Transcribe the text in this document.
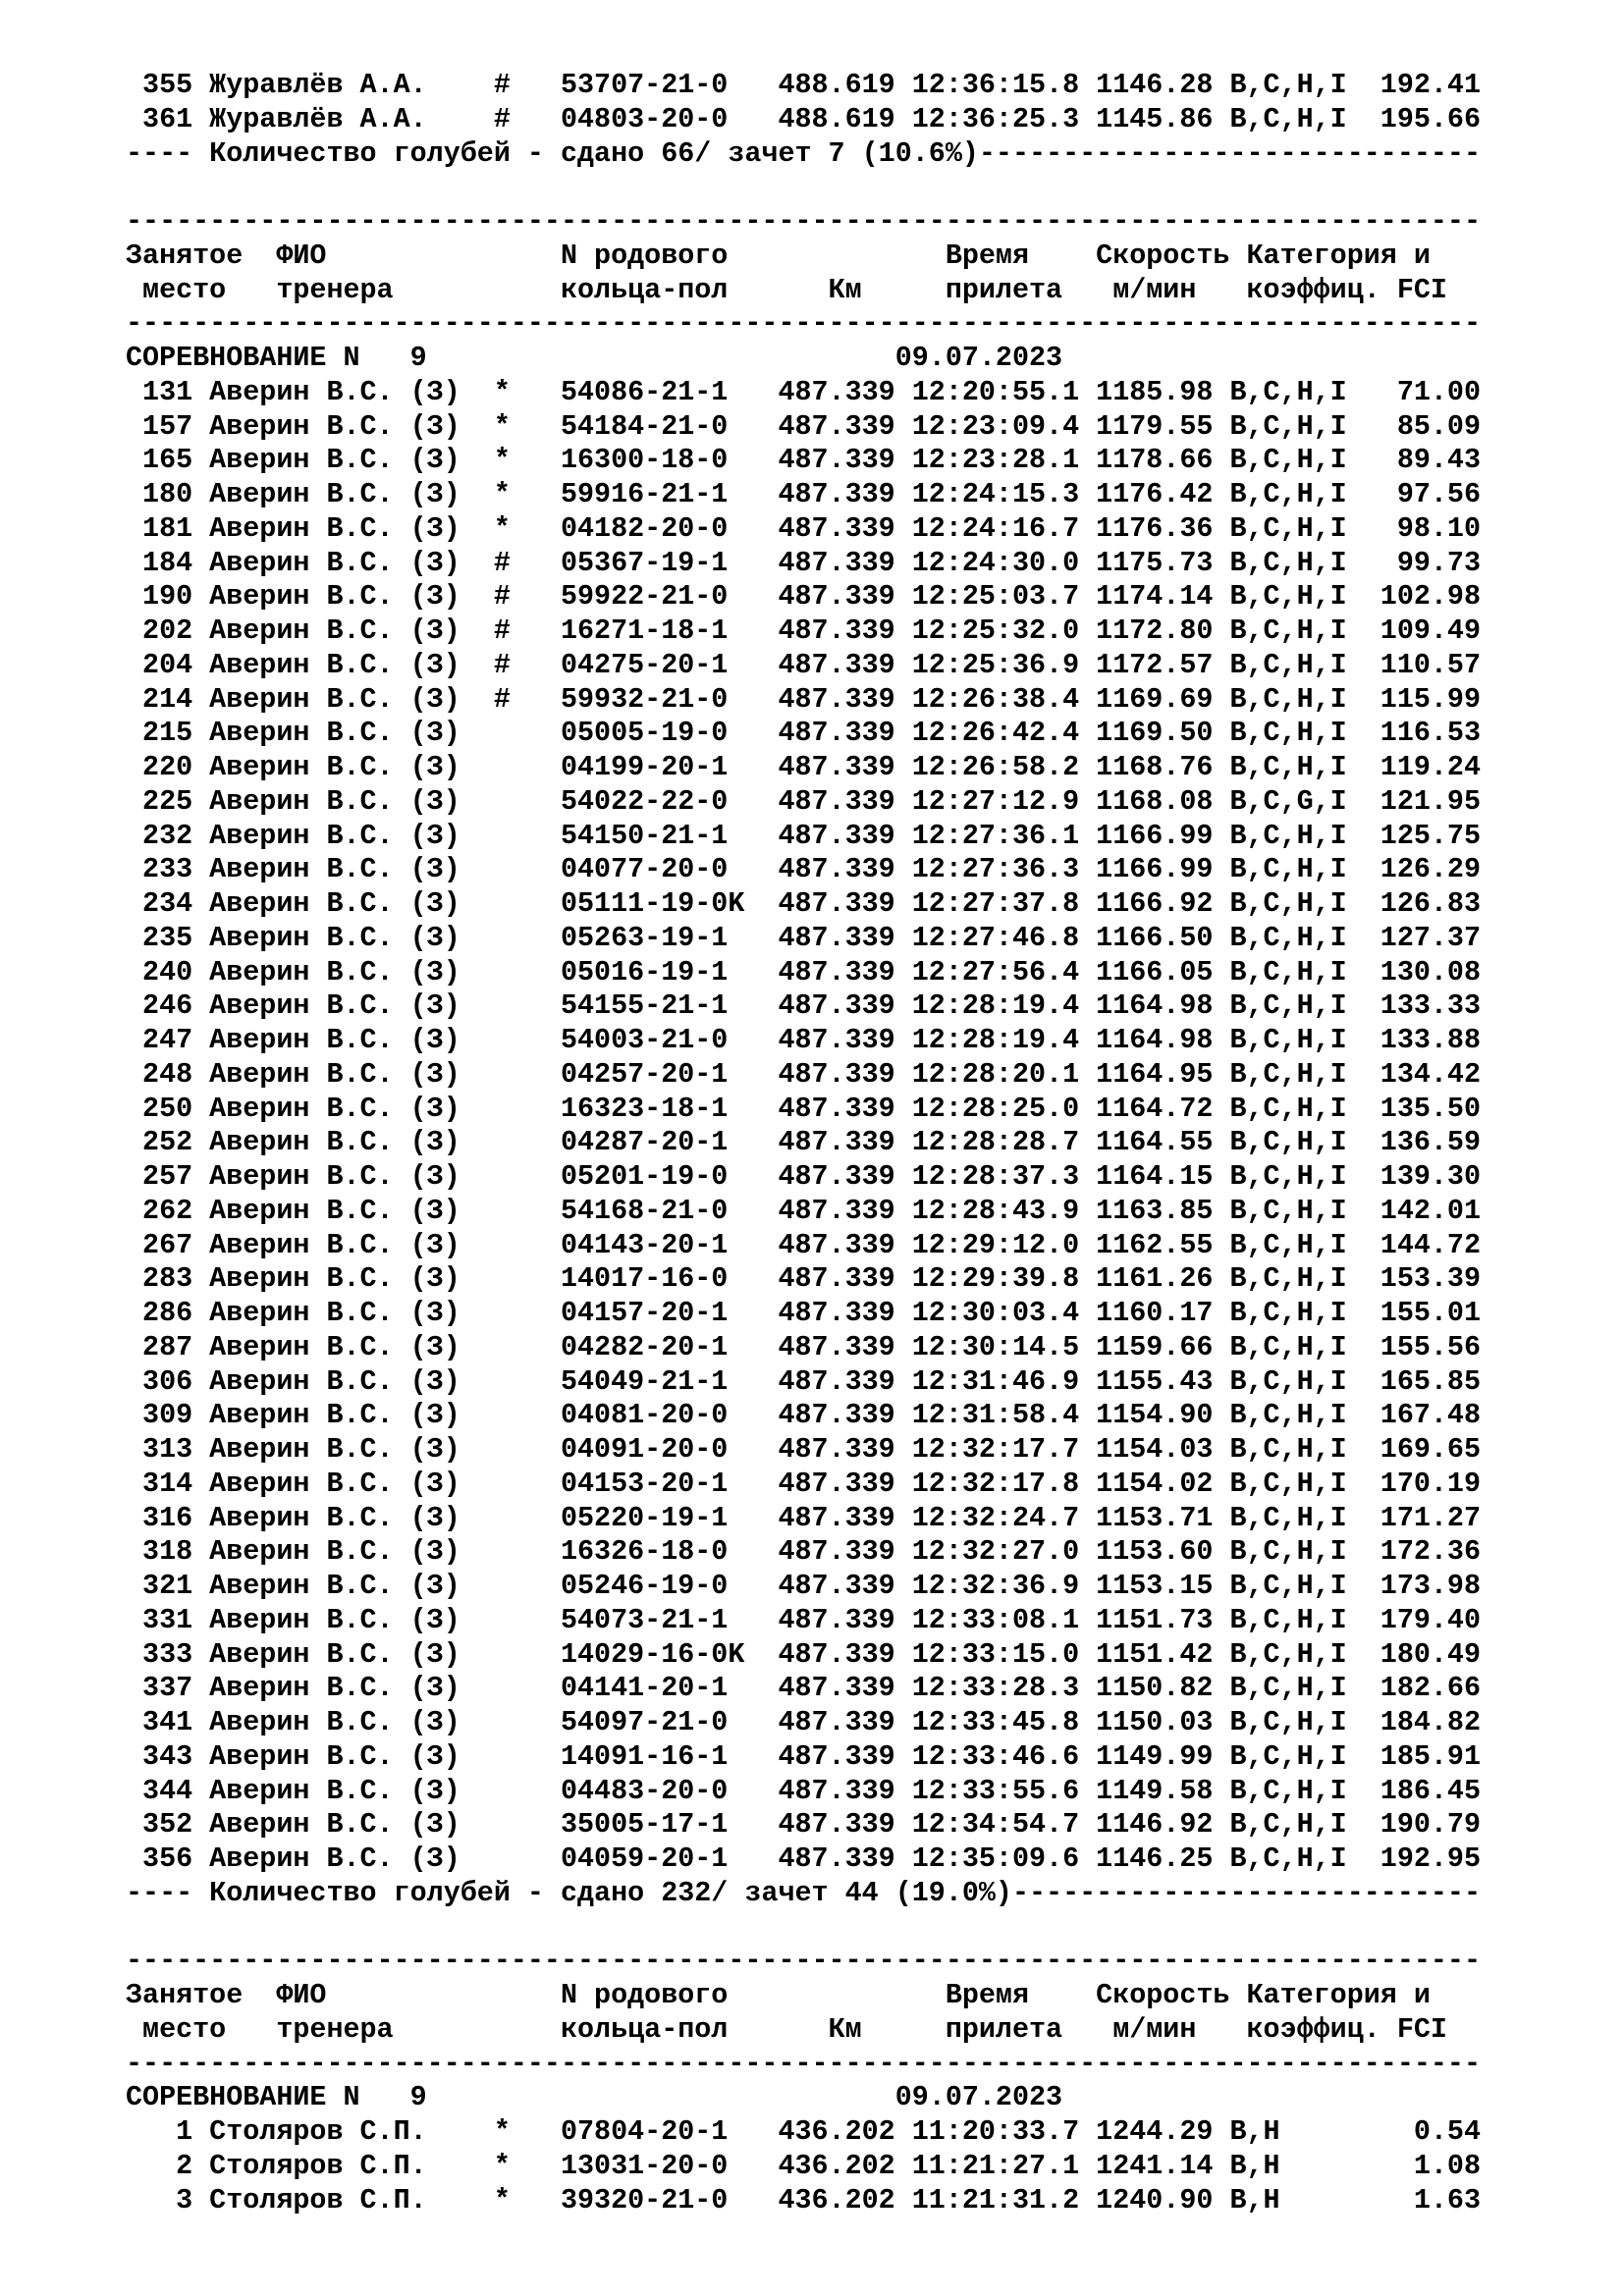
355 Журавлёв А.А.    #   53707-21-0   488.619 12:36:15.8 1146.28 B,C,H,I  192.41
361 Журавлёв А.А.    #   04803-20-0   488.619 12:36:25.3 1145.86 B,C,H,I  195.66
---- Количество голубей - сдано 66/ зачет 7 (10.6%)------------------------------
---------------------------------------------------------------------------------
Занятое  ФИО              N родового             Время    Скорость Категория и
место   тренера          кольца-пол      Км     прилета   м/мин   коэффиц. FCI
---------------------------------------------------------------------------------
СОРЕВНОВАНИЕ N   9                            09.07.2023
131 Аверин В.С. (З)  *   54086-21-1   487.339 12:20:55.1 1185.98 B,C,H,I   71.00
157 Аверин В.С. (З)  *   54184-21-0   487.339 12:23:09.4 1179.55 B,C,H,I   85.09
165 Аверин В.С. (З)  *   16300-18-0   487.339 12:23:28.1 1178.66 B,C,H,I   89.43
180 Аверин В.С. (З)  *   59916-21-1   487.339 12:24:15.3 1176.42 B,C,H,I   97.56
181 Аверин В.С. (З)  *   04182-20-0   487.339 12:24:16.7 1176.36 B,C,H,I   98.10
184 Аверин В.С. (З)  #   05367-19-1   487.339 12:24:30.0 1175.73 B,C,H,I   99.73
190 Аверин В.С. (З)  #   59922-21-0   487.339 12:25:03.7 1174.14 B,C,H,I  102.98
202 Аверин В.С. (З)  #   16271-18-1   487.339 12:25:32.0 1172.80 B,C,H,I  109.49
204 Аверин В.С. (З)  #   04275-20-1   487.339 12:25:36.9 1172.57 B,C,H,I  110.57
214 Аверин В.С. (З)  #   59932-21-0   487.339 12:26:38.4 1169.69 B,C,H,I  115.99
215 Аверин В.С. (З)      05005-19-0   487.339 12:26:42.4 1169.50 B,C,H,I  116.53
220 Аверин В.С. (З)      04199-20-1   487.339 12:26:58.2 1168.76 B,C,H,I  119.24
225 Аверин В.С. (З)      54022-22-0   487.339 12:27:12.9 1168.08 B,C,G,I  121.95
232 Аверин В.С. (З)      54150-21-1   487.339 12:27:36.1 1166.99 B,C,H,I  125.75
233 Аверин В.С. (З)      04077-20-0   487.339 12:27:36.3 1166.99 B,C,H,I  126.29
234 Аверин В.С. (З)      05111-19-0K  487.339 12:27:37.8 1166.92 B,C,H,I  126.83
235 Аверин В.С. (З)      05263-19-1   487.339 12:27:46.8 1166.50 B,C,H,I  127.37
240 Аверин В.С. (З)      05016-19-1   487.339 12:27:56.4 1166.05 B,C,H,I  130.08
246 Аверин В.С. (З)      54155-21-1   487.339 12:28:19.4 1164.98 B,C,H,I  133.33
247 Аверин В.С. (З)      54003-21-0   487.339 12:28:19.4 1164.98 B,C,H,I  133.88
248 Аверин В.С. (З)      04257-20-1   487.339 12:28:20.1 1164.95 B,C,H,I  134.42
250 Аверин В.С. (З)      16323-18-1   487.339 12:28:25.0 1164.72 B,C,H,I  135.50
252 Аверин В.С. (З)      04287-20-1   487.339 12:28:28.7 1164.55 B,C,H,I  136.59
257 Аверин В.С. (З)      05201-19-0   487.339 12:28:37.3 1164.15 B,C,H,I  139.30
262 Аверин В.С. (З)      54168-21-0   487.339 12:28:43.9 1163.85 B,C,H,I  142.01
267 Аверин В.С. (З)      04143-20-1   487.339 12:29:12.0 1162.55 B,C,H,I  144.72
283 Аверин В.С. (З)      14017-16-0   487.339 12:29:39.8 1161.26 B,C,H,I  153.39
286 Аверин В.С. (З)      04157-20-1   487.339 12:30:03.4 1160.17 B,C,H,I  155.01
287 Аверин В.С. (З)      04282-20-1   487.339 12:30:14.5 1159.66 B,C,H,I  155.56
306 Аверин В.С. (З)      54049-21-1   487.339 12:31:46.9 1155.43 B,C,H,I  165.85
309 Аверин В.С. (З)      04081-20-0   487.339 12:31:58.4 1154.90 B,C,H,I  167.48
313 Аверин В.С. (З)      04091-20-0   487.339 12:32:17.7 1154.03 B,C,H,I  169.65
314 Аверин В.С. (З)      04153-20-1   487.339 12:32:17.8 1154.02 B,C,H,I  170.19
316 Аверин В.С. (З)      05220-19-1   487.339 12:32:24.7 1153.71 B,C,H,I  171.27
318 Аверин В.С. (З)      16326-18-0   487.339 12:32:27.0 1153.60 B,C,H,I  172.36
321 Аверин В.С. (З)      05246-19-0   487.339 12:32:36.9 1153.15 B,C,H,I  173.98
331 Аверин В.С. (З)      54073-21-1   487.339 12:33:08.1 1151.73 B,C,H,I  179.40
333 Аверин В.С. (З)      14029-16-0K  487.339 12:33:15.0 1151.42 B,C,H,I  180.49
337 Аверин В.С. (З)      04141-20-1   487.339 12:33:28.3 1150.82 B,C,H,I  182.66
341 Аверин В.С. (З)      54097-21-0   487.339 12:33:45.8 1150.03 B,C,H,I  184.82
343 Аверин В.С. (З)      14091-16-1   487.339 12:33:46.6 1149.99 B,C,H,I  185.91
344 Аверин В.С. (З)      04483-20-0   487.339 12:33:55.6 1149.58 B,C,H,I  186.45
352 Аверин В.С. (З)      35005-17-1   487.339 12:34:54.7 1146.92 B,C,H,I  190.79
356 Аверин В.С. (З)      04059-20-1   487.339 12:35:09.6 1146.25 B,C,H,I  192.95
---- Количество голубей - сдано 232/ зачет 44 (19.0%)----------------------------
---------------------------------------------------------------------------------
Занятое  ФИО              N родового             Время    Скорость Категория и
место   тренера          кольца-пол      Км     прилета   м/мин   коэффиц. FCI
---------------------------------------------------------------------------------
СОРЕВНОВАНИЕ N   9                            09.07.2023
1 Столяров С.П.    *   07804-20-1   436.202 11:20:33.7 1244.29 B,H        0.54
2 Столяров С.П.    *   13031-20-0   436.202 11:21:27.1 1241.14 B,H        1.08
3 Столяров С.П.    *   39320-21-0   436.202 11:21:31.2 1240.90 B,H        1.63
